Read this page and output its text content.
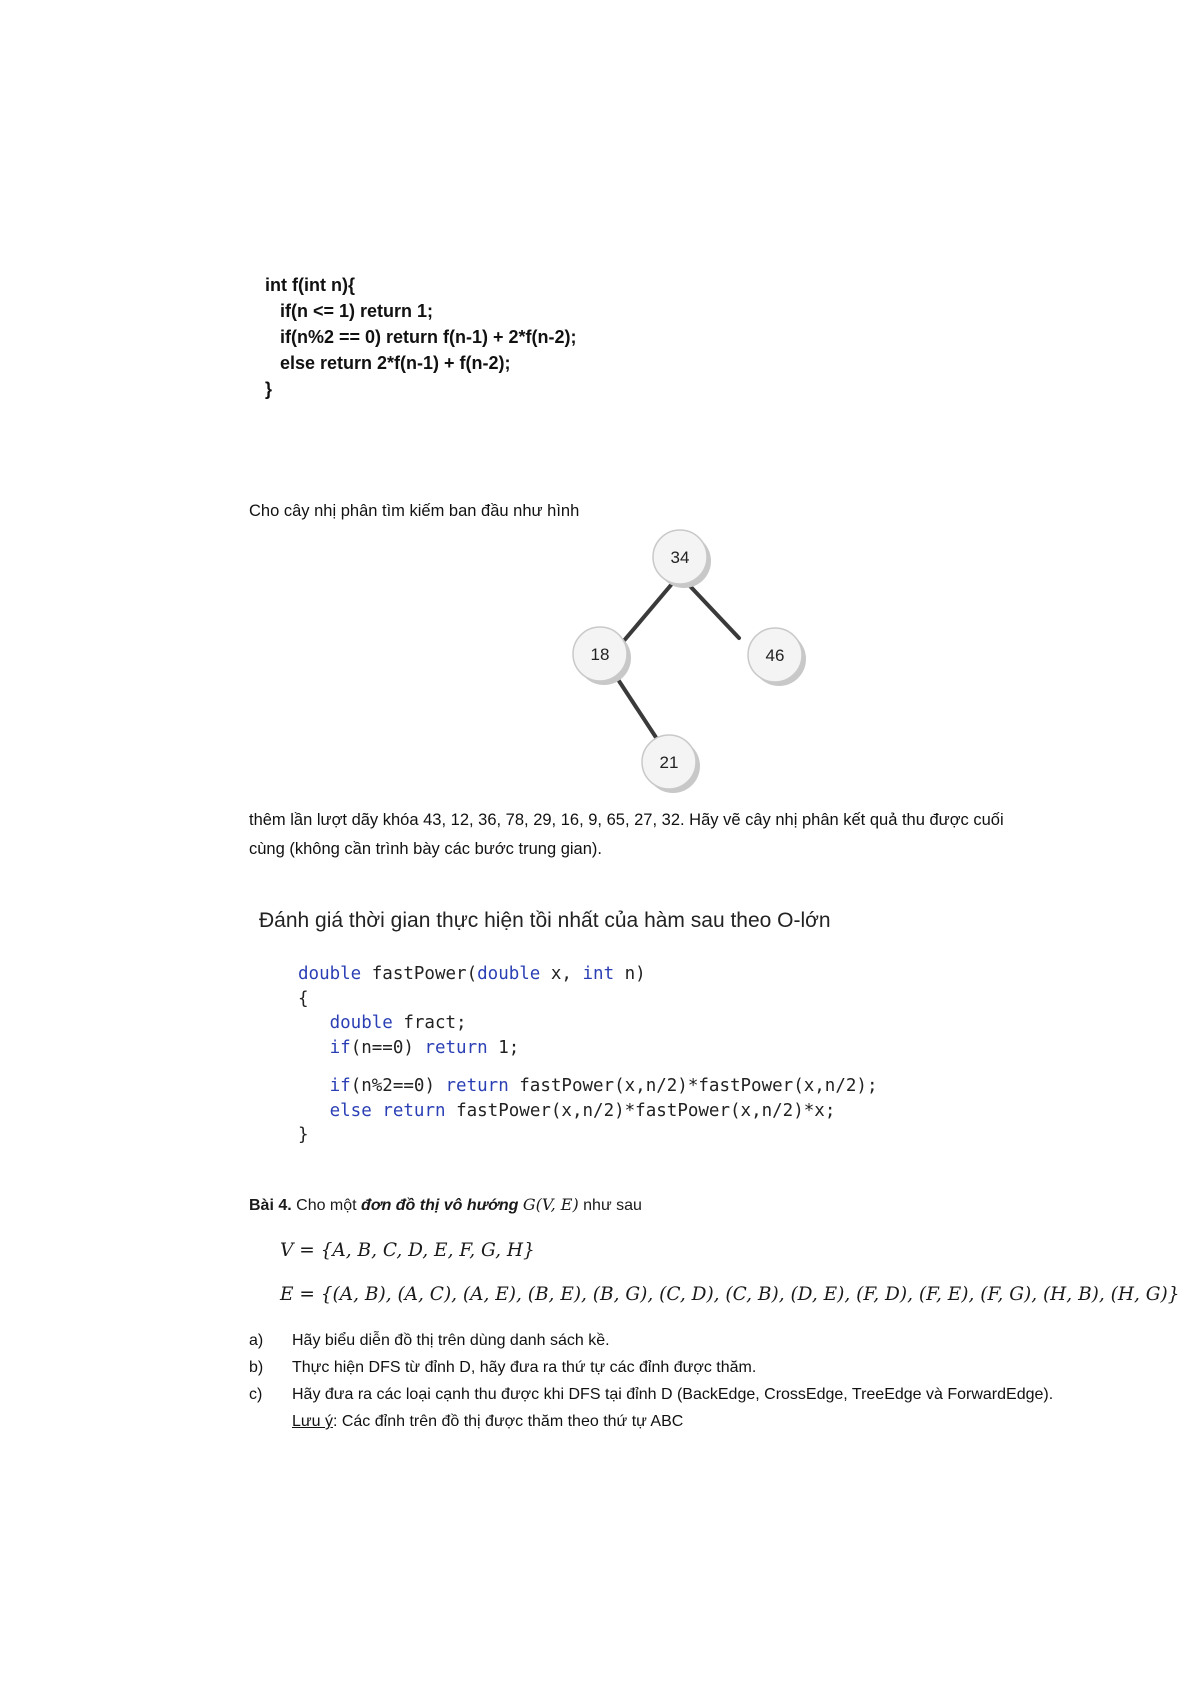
int f(int n){
if(n <= 1) return 1;
if(n%2 == 0) return f(n-1) + 2*f(n-2);
else return 2*f(n-1) + f(n-2);
}
Cho cây nhị phân tìm kiếm ban đầu như hình
34
18	46
21
thêm lần lượt dãy khóa 43, 12, 36, 78, 29, 16, 9, 65, 27, 32. Hãy vẽ cây nhị phân kết quả thu được cuối
cùng (không cần trình bày các bước trung gian).
Đánh giá thời gian thực hiện tồi nhất của hàm sau theo O-lớn
double fastPower(double x, int n)
{
double fract;
if(n==0) return 1;
if(n%2==0) return fastPower(x,n/2)*fastPower(x,n/2);
else return fastPower(x,n/2)*fastPower(x,n/2)*x;
}
Bài 4. Cho một đơn đồ thị vô hướng G(V, E) như sau
V = {A, B, C, D, E, F, G, H}
E = {(A, B), (A, C), (A, E), (B, E), (B, G), (C, D), (C, B), (D, E), (F, D), (F, E), (F, G), (H, B), (H, G)}
a) Hãy biểu diễn đồ thị trên dùng danh sách kề.
b) Thực hiện DFS từ đỉnh D, hãy đưa ra thứ tự các đỉnh được thăm.
c) Hãy đưa ra các loại cạnh thu được khi DFS tại đỉnh D (BackEdge, CrossEdge, TreeEdge và ForwardEdge).
Lưu ý: Các đỉnh trên đồ thị được thăm theo thứ tự ABC
